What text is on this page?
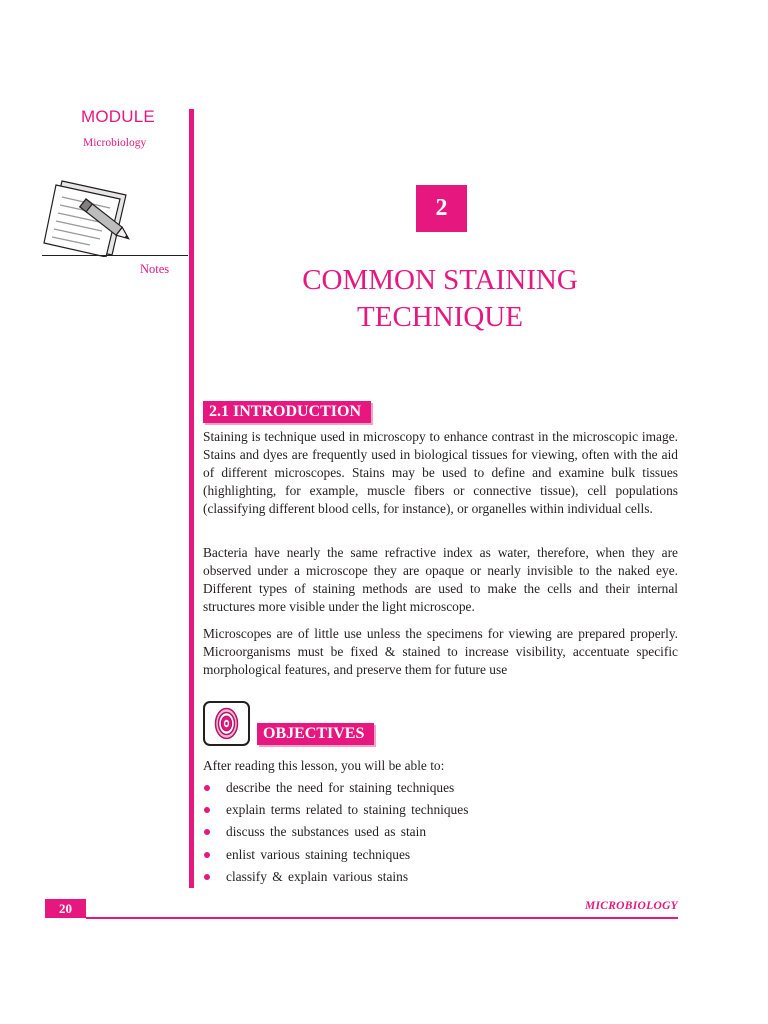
MODULE
Microbiology
Notes
2
COMMON STAINING
TECHNIQUE
2.1 INTRODUCTION
Staining is technique used in microscopy to enhance contrast in the microscopic image. Stains and dyes are frequently used in biological tissues for viewing, often with the aid of different microscopes. Stains may be used to define and examine bulk tissues (highlighting, for example, muscle fibers or connective tissue), cell populations (classifying different blood cells, for instance), or organelles within individual cells.
Bacteria have nearly the same refractive index as water, therefore, when they are observed under a microscope they are opaque or nearly invisible to the naked eye. Different types of staining methods are used to make the cells and their internal structures more visible under the light microscope.
Microscopes are of little use unless the specimens for viewing are prepared properly. Microorganisms must be fixed & stained to increase visibility, accentuate specific morphological features, and preserve them for future use
OBJECTIVES
After reading this lesson, you will be able to:
describe the need for staining techniques
explain terms related to staining techniques
discuss the substances used as stain
enlist various staining techniques
classify & explain various stains
20	MICROBIOLOGY
